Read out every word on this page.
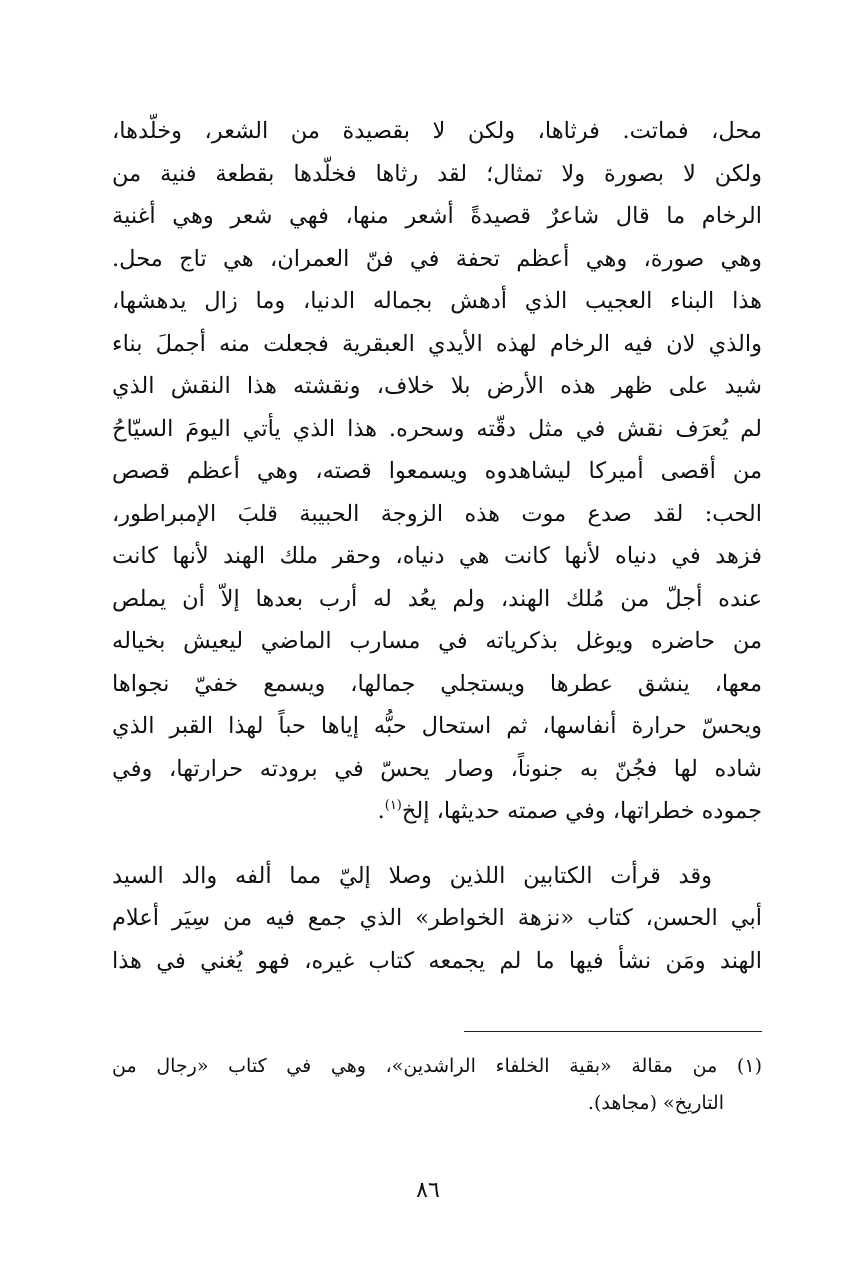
محل، فماتت. فرثاها، ولكن لا بقصيدة من الشعر، وخلّدها،
ولكن لا بصورة ولا تمثال؛ لقد رثاها فخلّدها بقطعة فنية من
الرخام ما قال شاعرٌ قصيدةً أشعر منها، فهي شعر وهي أغنية
وهي صورة، وهي أعظم تحفة في فنّ العمران، هي تاج محل.
هذا البناء العجيب الذي أدهش بجماله الدنيا، وما زال يدهشها،
والذي لان فيه الرخام لهذه الأيدي العبقرية فجعلت منه أجملَ بناء
شيد على ظهر هذه الأرض بلا خلاف، ونقشته هذا النقش الذي
لم يُعرَف نقش في مثل دقّته وسحره. هذا الذي يأتي اليومَ السيّاحُ
من أقصى أميركا ليشاهدوه ويسمعوا قصته، وهي أعظم قصص
الحب: لقد صدع موت هذه الزوجة الحبيبة قلبَ الإمبراطور،
فزهد في دنياه لأنها كانت هي دنياه، وحقر ملك الهند لأنها كانت
عنده أجلّ من مُلك الهند، ولم يعُد له أرب بعدها إلاّ أن يملص
من حاضره ويوغل بذكرياته في مسارب الماضي ليعيش بخياله
معها، ينشق عطرها ويستجلي جمالها، ويسمع خفيّ نجواها
ويحسّ حرارة أنفاسها، ثم استحال حبُّه إياها حباً لهذا القبر الذي
شاده لها فجُنّ به جنوناً، وصار يحسّ في برودته حرارتها، وفي
جموده خطراتها، وفي صمته حديثها، إلخ$^{(١)}$.
وقد قرأت الكتابين اللذين وصلا إليّ مما ألفه والد السيد
أبي الحسن، كتاب «نزهة الخواطر» الذي جمع فيه من سِيَر أعلام
الهند ومَن نشأ فيها ما لم يجمعه كتاب غيره، فهو يُغني في هذا
(١) من مقالة «بقية الخلفاء الراشدين»، وهي في كتاب «رجال من
التاريخ» (مجاهد).
٨٦
